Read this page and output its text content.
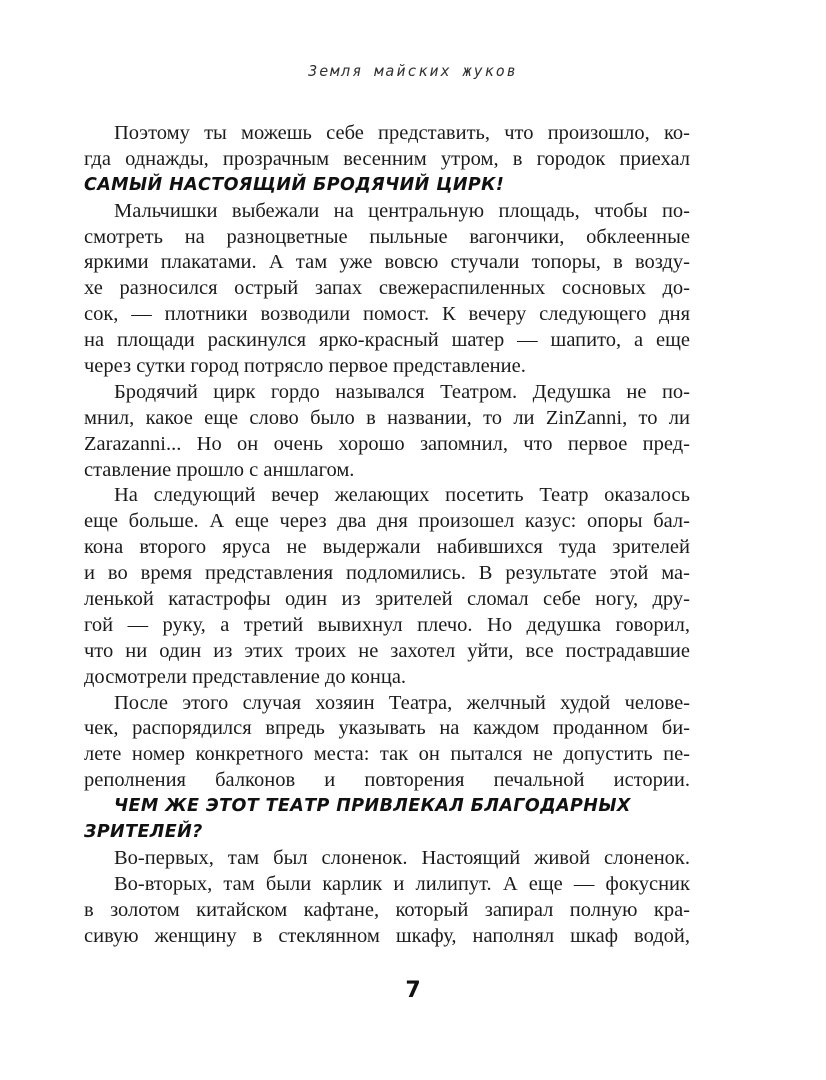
Земля майских жуков
Поэтому ты можешь себе представить, что произошло, ко-
гда однажды, прозрачным весенним утром, в городок приехал
САМЫЙ НАСТОЯЩИЙ БРОДЯЧИЙ ЦИРК!
Мальчишки выбежали на центральную площадь, чтобы по-
смотреть на разноцветные пыльные вагончики, обклеенные
яркими плакатами. А там уже вовсю стучали топоры, в возду-
хе разносился острый запах свежераспиленных сосновых до-
сок, — плотники возводили помост. К вечеру следующего дня
на площади раскинулся ярко-красный шатер — шапито, а еще
через сутки город потрясло первое представление.
Бродячий цирк гордо назывался Театром. Дедушка не по-
мнил, какое еще слово было в названии, то ли ZinZanni, то ли
Zarazanni... Но он очень хорошо запомнил, что первое пред-
ставление прошло с аншлагом.
На следующий вечер желающих посетить Театр оказалось
еще больше. А еще через два дня произошел казус: опоры бал-
кона второго яруса не выдержали набившихся туда зрителей
и во время представления подломились. В результате этой ма-
ленькой катастрофы один из зрителей сломал себе ногу, дру-
гой — руку, а третий вывихнул плечо. Но дедушка говорил,
что ни один из этих троих не захотел уйти, все пострадавшие
досмотрели представление до конца.
После этого случая хозяин Театра, желчный худой челове-
чек, распорядился впредь указывать на каждом проданном би-
лете номер конкретного места: так он пытался не допустить пе-
реполнения балконов и повторения печальной истории.
ЧЕМ ЖЕ ЭТОТ ТЕАТР ПРИВЛЕКАЛ БЛАГОДАРНЫХ
ЗРИТЕЛЕЙ?
Во-первых, там был слоненок. Настоящий живой слоненок.
Во-вторых, там были карлик и лилипут. А еще — фокусник
в золотом китайском кафтане, который запирал полную кра-
сивую женщину в стеклянном шкафу, наполнял шкаф водой,
7
